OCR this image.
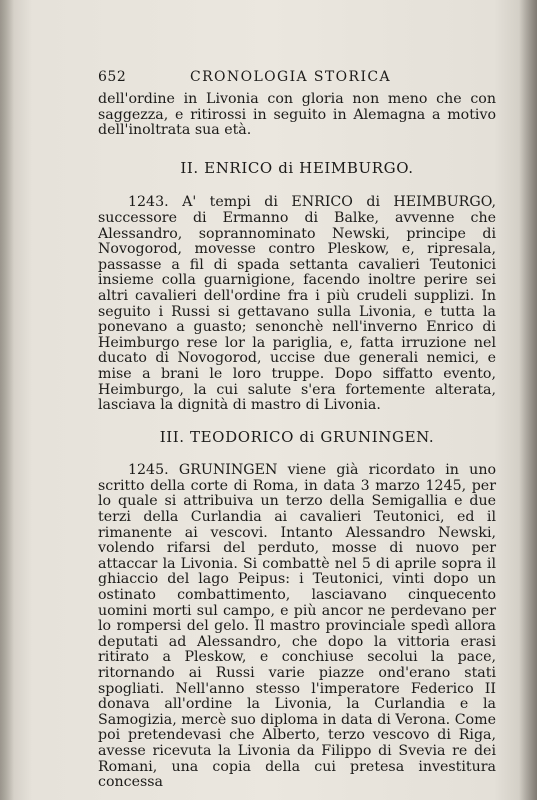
652	CRONOLOGIA STORICA

dell'ordine in Livonia con gloria non meno che con saggezza, e ritirossi in seguito in Alemagna a motivo dell'inoltrata sua età.

II. ENRICO di HEIMBURGO.

1243. A' tempi di ENRICO di HEIMBURGO, successore di Ermanno di Balke, avvenne che Alessandro, soprannominato Newski, principe di Novogorod, movesse contro Pleskow, e, ripresala, passasse a fil di spada settanta cavalieri Teutonici insieme colla guarnigione, facendo inoltre perire sei altri cavalieri dell'ordine fra i più crudeli supplizi. In seguito i Russi si gettavano sulla Livonia, e tutta la ponevano a guasto; senonchè nell'inverno Enrico di Heimburgo rese lor la pariglia, e, fatta irruzione nel ducato di Novogorod, uccise due generali nemici, e mise a brani le loro truppe. Dopo siffatto evento, Heimburgo, la cui salute s'era fortemente alterata, lasciava la dignità di mastro di Livonia.

III. TEODORICO di GRUNINGEN.

1245. GRUNINGEN viene già ricordato in uno scritto della corte di Roma, in data 3 marzo 1245, per lo quale si attribuiva un terzo della Semigallia e due terzi della Curlandia ai cavalieri Teutonici, ed il rimanente ai vescovi. Intanto Alessandro Newski, volendo rifarsi del perduto, mosse di nuovo per attaccar la Livonia. Si combattè nel 5 di aprile sopra il ghiaccio del lago Peipus: i Teutonici, vinti dopo un ostinato combattimento, lasciavano cinquecento uomini morti sul campo, e più ancor ne perdevano per lo rompersi del gelo. Il mastro provinciale spedì allora deputati ad Alessandro, che dopo la vittoria erasi ritirato a Pleskow, e conchiuse secolui la pace, ritornando ai Russi varie piazze ond'erano stati spogliati. Nell'anno stesso l'imperatore Federico II donava all'ordine la Livonia, la Curlandia e la Samogizia, mercè suo diploma in data di Verona. Come poi pretendevasi che Alberto, terzo vescovo di Riga, avesse ricevuta la Livonia da Filippo di Svevia re dei Romani, una copia della cui pretesa investitura concessa
